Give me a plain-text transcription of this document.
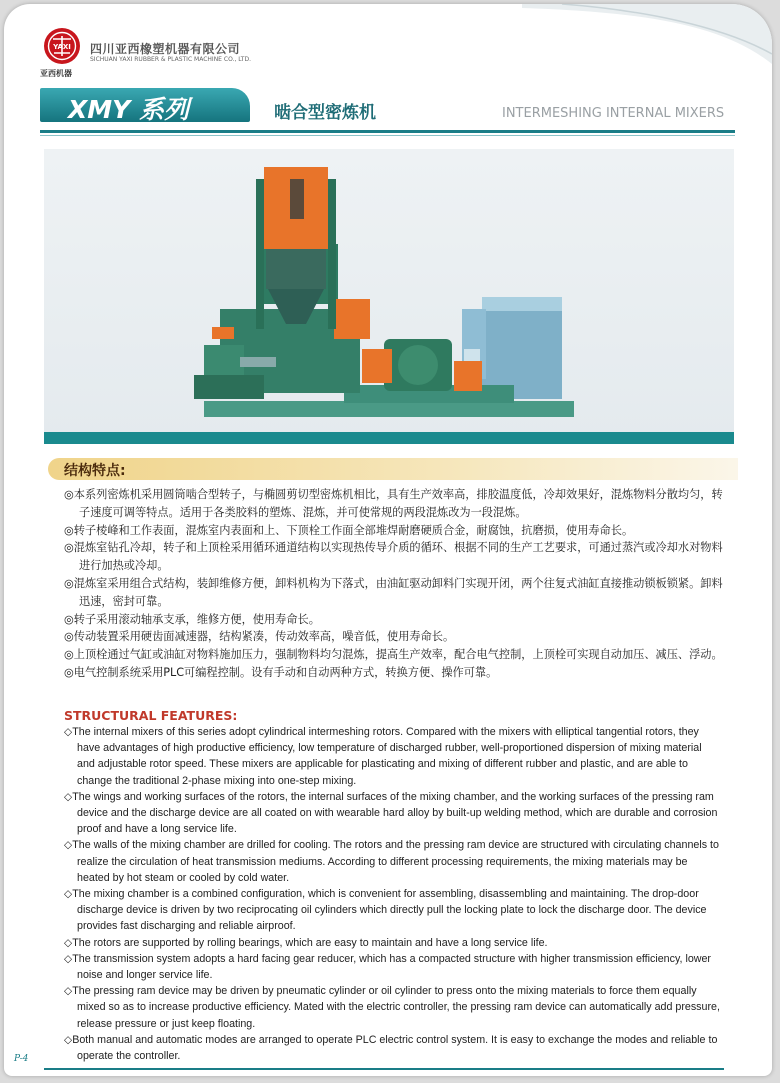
YAXI
亚西机器
四川亚西橡塑机器有限公司
SICHUAN YAXI RUBBER & PLASTIC MACHINE CO., LTD.
XMY 系列	啮合型密炼机	INTERMESHING INTERNAL MIXERS
结构特点:

◎本系列密炼机采用圆筒啮合型转子，与椭圆剪切型密炼机相比，具有生产效率高，排胶温度低，冷却效果好，混炼物料分散均匀，转子速度可调等特点。适用于各类胶料的塑炼、混炼，并可使常规的两段混炼改为一段混炼。

◎转子棱峰和工作表面，混炼室内表面和上、下顶栓工作面全部堆焊耐磨硬质合金，耐腐蚀，抗磨损，使用寿命长。

◎混炼室钻孔冷却，转子和上顶栓采用循环通道结构以实现热传导介质的循环、根据不同的生产工艺要求，可通过蒸汽或冷却水对物料进行加热或冷却。

◎混炼室采用组合式结构，装卸维修方便，卸料机构为下落式，由油缸驱动卸料门实现开闭，两个往复式油缸直接推动锁板锁紧。卸料迅速，密封可靠。

◎转子采用滚动轴承支承，维修方便，使用寿命长。

◎传动装置采用硬齿面减速器，结构紧凑，传动效率高，噪音低，使用寿命长。

◎上顶栓通过气缸或油缸对物料施加压力，强制物料均匀混炼，提高生产效率，配合电气控制，上顶栓可实现自动加压、减压、浮动。

◎电气控制系统采用PLC可编程控制。设有手动和自动两种方式，转换方便、操作可靠。

STRUCTURAL FEATURES:

◇The internal mixers of this series adopt cylindrical intermeshing rotors. Compared with the mixers with elliptical tangential rotors, they have advantages of high productive efficiency, low temperature of discharged rubber, well-proportioned dispersion of mixing material and adjustable rotor speed. These mixers are applicable for plasticating and mixing of different rubber and plastic, and are able to change the traditional 2-phase mixing into one-step mixing.

◇The wings and working surfaces of the rotors, the internal surfaces of the mixing chamber, and the working surfaces of the pressing ram device and the discharge device are all coated on with wearable hard alloy by built-up welding method, which are durable and corrosion proof and have a long service life.

◇The walls of the mixing chamber are drilled for cooling. The rotors and the pressing ram device are structured with circulating channels to realize the circulation of heat transmission mediums. According to different processing requirements, the mixing materials may be heated by hot steam or cooled by cold water.

◇The mixing chamber is a combined configuration, which is convenient for assembling, disassembling and maintaining. The drop-door discharge device is driven by two reciprocating oil cylinders which directly pull the locking plate to lock the discharge door. The device provides fast discharging and reliable airproof.

◇The rotors are supported by rolling bearings, which are easy to maintain and have a long service life.

◇The transmission system adopts a hard facing gear reducer, which has a compacted structure with higher transmission efficiency, lower noise and longer service life.

◇The pressing ram device may be driven by pneumatic cylinder or oil cylinder to press onto the mixing materials to force them equally mixed so as to increase productive efficiency. Mated with the electric controller, the pressing ram device can automatically add pressure, release pressure or just keep floating.

◇Both manual and automatic modes are arranged to operate PLC electric control system. It is easy to exchange the modes and reliable to operate the controller.

P-4
